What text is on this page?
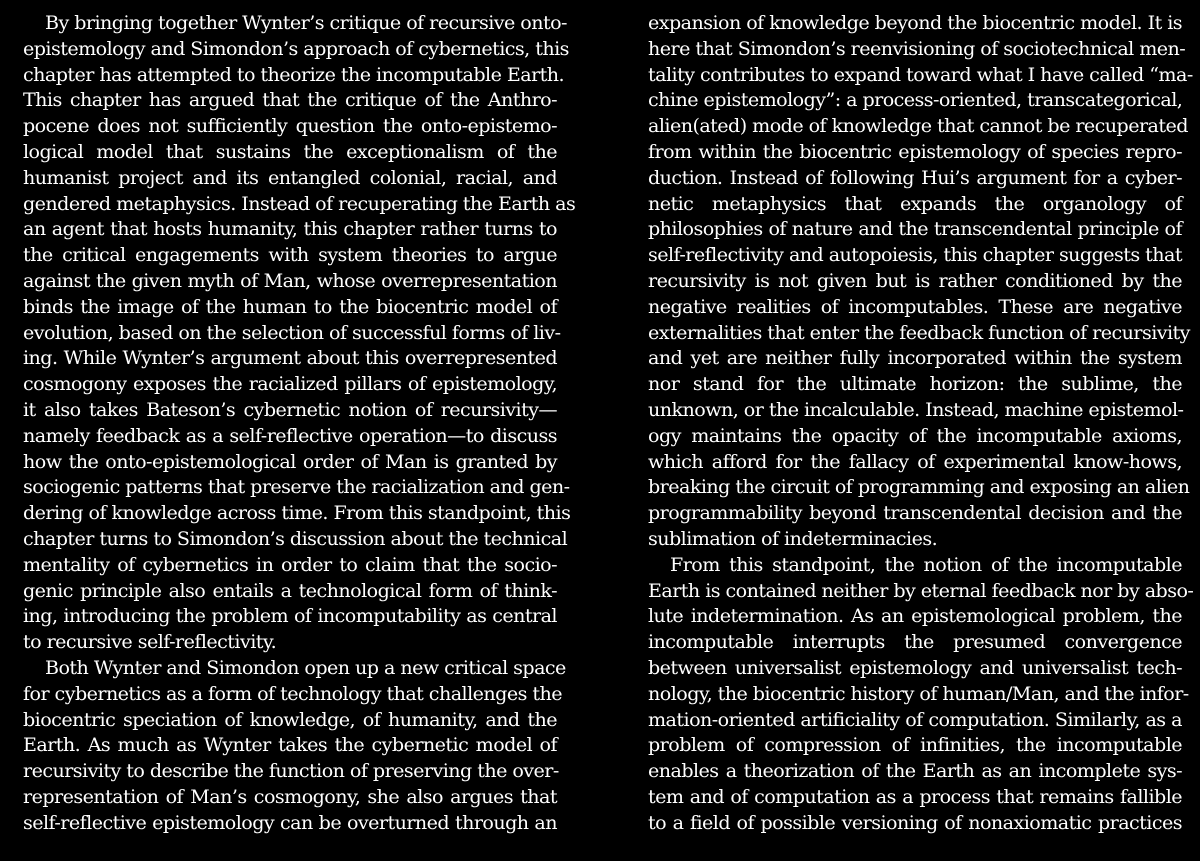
By bringing together Wynter’s critique of recursive onto-
epistemology and Simondon’s approach of cybernetics, this
chapter has attempted to theorize the incomputable Earth.
This chapter has argued that the critique of the Anthro-
pocene does not sufficiently question the onto-epistemo-
logical model that sustains the exceptionalism of the
humanist project and its entangled colonial, racial, and
gendered metaphysics. Instead of recuperating the Earth as
an agent that hosts humanity, this chapter rather turns to
the critical engagements with system theories to argue
against the given myth of Man, whose overrepresentation
binds the image of the human to the biocentric model of
evolution, based on the selection of successful forms of liv-
ing. While Wynter’s argument about this overrepresented
cosmogony exposes the racialized pillars of epistemology,
it also takes Bateson’s cybernetic notion of recursivity—
namely feedback as a self-reflective operation—to discuss
how the onto-epistemological order of Man is granted by
sociogenic patterns that preserve the racialization and gen-
dering of knowledge across time. From this standpoint, this
chapter turns to Simondon’s discussion about the technical
mentality of cybernetics in order to claim that the socio-
genic principle also entails a technological form of think-
ing, introducing the problem of incomputability as central
to recursive self-reflectivity.
Both Wynter and Simondon open up a new critical space
for cybernetics as a form of technology that challenges the
biocentric speciation of knowledge, of humanity, and the
Earth. As much as Wynter takes the cybernetic model of
recursivity to describe the function of preserving the over-
representation of Man’s cosmogony, she also argues that
self-reflective epistemology can be overturned through an
expansion of knowledge beyond the biocentric model. It is
here that Simondon’s reenvisioning of sociotechnical men-
tality contributes to expand toward what I have called “ma-
chine epistemology”: a process-oriented, transcategorical,
alien(ated) mode of knowledge that cannot be recuperated
from within the biocentric epistemology of species repro-
duction. Instead of following Hui’s argument for a cyber-
netic metaphysics that expands the organology of
philosophies of nature and the transcendental principle of
self-reflectivity and autopoiesis, this chapter suggests that
recursivity is not given but is rather conditioned by the
negative realities of incomputables. These are negative
externalities that enter the feedback function of recursivity
and yet are neither fully incorporated within the system
nor stand for the ultimate horizon: the sublime, the
unknown, or the incalculable. Instead, machine epistemol-
ogy maintains the opacity of the incomputable axioms,
which afford for the fallacy of experimental know-hows,
breaking the circuit of programming and exposing an alien
programmability beyond transcendental decision and the
sublimation of indeterminacies.
From this standpoint, the notion of the incomputable
Earth is contained neither by eternal feedback nor by abso-
lute indetermination. As an epistemological problem, the
incomputable interrupts the presumed convergence
between universalist epistemology and universalist tech-
nology, the biocentric history of human/Man, and the infor-
mation-oriented artificiality of computation. Similarly, as a
problem of compression of infinities, the incomputable
enables a theorization of the Earth as an incomplete sys-
tem and of computation as a process that remains fallible
to a field of possible versioning of nonaxiomatic practices
